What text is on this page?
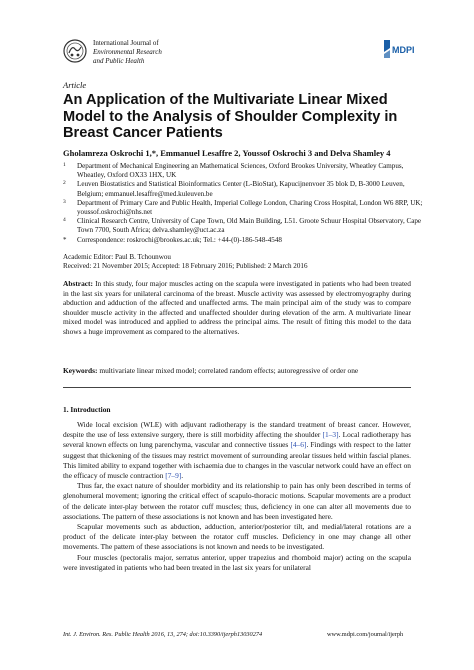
International Journal of
Environmental Research
and Public Health
MDPI
Article
An Application of the Multivariate Linear Mixed Model to the Analysis of Shoulder Complexity in Breast Cancer Patients
Gholamreza Oskrochi 1,*, Emmanuel Lesaffre 2, Youssof Oskrochi 3 and Delva Shamley 4
1 Department of Mechanical Engineering an Mathematical Sciences, Oxford Brookes University, Wheatley Campus, Wheatley, Oxford OX33 1HX, UK
2 Leuven Biostatistics and Statistical Bioinformatics Center (L-BioStat), Kapucijnenvoer 35 blok D, B-3000 Leuven, Belgium; emmanuel.lesaffre@med.kuleuven.be
3 Department of Primary Care and Public Health, Imperial College London, Charing Cross Hospital, London W6 8RP, UK; youssof.oskrochi@nhs.net
4 Clinical Research Centre, University of Cape Town, Old Main Building, L51. Groote Schuur Hospital Observatory, Cape Town 7700, South Africa; delva.shamley@uct.ac.za
* Correspondence: roskrochi@brookes.ac.uk; Tel.: +44-(0)-186-548-4548
Academic Editor: Paul B. Tchounwou
Received: 21 November 2015; Accepted: 18 February 2016; Published: 2 March 2016
Abstract: In this study, four major muscles acting on the scapula were investigated in patients who had been treated in the last six years for unilateral carcinoma of the breast. Muscle activity was assessed by electromyography during abduction and adduction of the affected and unaffected arms. The main principal aim of the study was to compare shoulder muscle activity in the affected and unaffected shoulder during elevation of the arm. A multivariate linear mixed model was introduced and applied to address the principal aims. The result of fitting this model to the data shows a huge improvement as compared to the alternatives.
Keywords: multivariate linear mixed model; correlated random effects; autoregressive of order one
1. Introduction

Wide local excision (WLE) with adjuvant radiotherapy is the standard treatment of breast cancer. However, despite the use of less extensive surgery, there is still morbidity affecting the shoulder [1–3]. Local radiotherapy has several known effects on lung parenchyma, vascular and connective tissues [4–6]. Findings with respect to the latter suggest that thickening of the tissues may restrict movement of surrounding areolar tissues held within fascial planes. This limited ability to expand together with ischaemia due to changes in the vascular network could have an effect on the efficacy of muscle contraction [7–9].

Thus far, the exact nature of shoulder morbidity and its relationship to pain has only been described in terms of glenohumeral movement; ignoring the critical effect of scapulo-thoracic motions. Scapular movements are a product of the delicate inter-play between the rotator cuff muscles; thus, deficiency in one can alter all movements due to associations. The pattern of these associations is not known and has been investigated here.

Scapular movements such as abduction, adduction, anterior/posterior tilt, and medial/lateral rotations are a product of the delicate inter-play between the rotator cuff muscles. Deficiency in one may change all other movements. The pattern of these associations is not known and needs to be investigated.

Four muscles (pectoralis major, serratus anterior, upper trapezius and rhomboid major) acting on the scapula were investigated in patients who had been treated in the last six years for unilateral

Int. J. Environ. Res. Public Health 2016, 13, 274; doi:10.3390/ijerph13030274	www.mdpi.com/journal/ijerph
